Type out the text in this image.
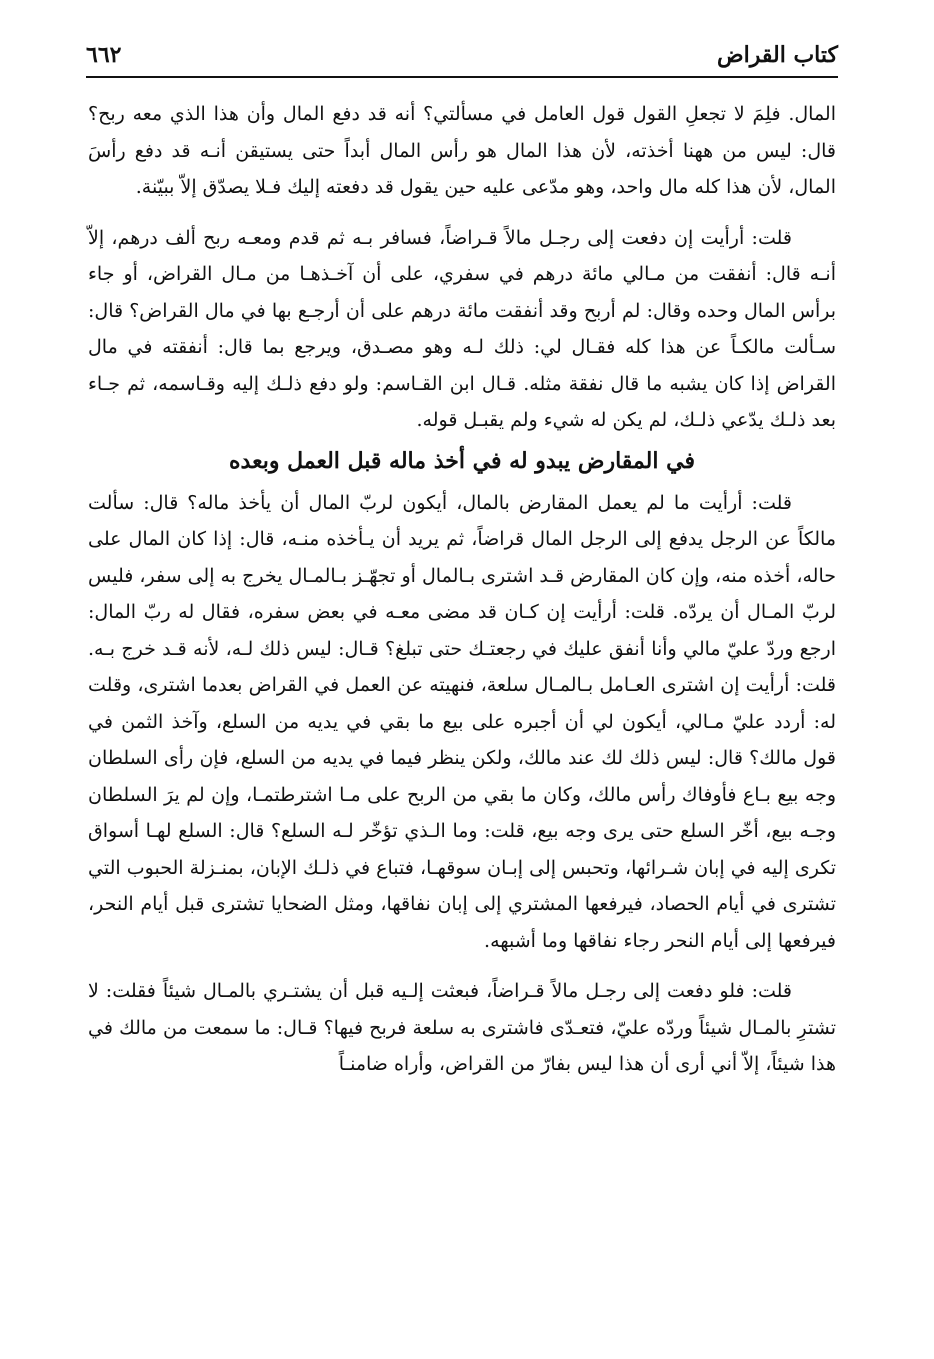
كتاب القراض
٦٦٢

المال. فلِمَ لا تجعلِ القول قول العامل في مسألتي؟ أنه قد دفع المال وأن هذا الذي معه ربح؟ قال: ليس من ههنا أخذته، لأن هذا المال هو رأس المال أبداً حتى يستيقن أنـه قد دفع رأسَ المال، لأن هذا كله مال واحد، وهو مدّعى عليه حين يقول قد دفعته إليك فـلا يصدّق إلاّ ببيّنة.

قلت: أرأيت إن دفعت إلى رجـل مالاً قـراضاً، فسافر بـه ثم قدم ومعـه ربح ألف درهم، إلاّ أنـه قال: أنفقت من مـالي مائة درهم في سفري، على أن آخـذهـا من مـال القراض، أو جاء برأس المال وحده وقال: لم أربح وقد أنفقت مائة درهم على أن أرجـع بها في مال القراض؟ قال: سـألت مالكـاً عن هذا كله فقـال لي: ذلك لـه وهو مصـدق، ويرجع بما قال: أنفقته في مال القراض إذا كان يشبه ما قال نفقة مثله. قـال ابن القـاسم: ولو دفع ذلـك إليه وقـاسمه، ثم جـاء بعد ذلـك يدّعي ذلـك، لم يكن له شيء ولم يقبـل قوله.

في المقارض يبدو له في أخذ ماله قبل العمل وبعده

قلت: أرأيت ما لم يعمل المقارض بالمال، أيكون لربّ المال أن يأخذ ماله؟ قال: سألت مالكاً عن الرجل يدفع إلى الرجل المال قراضاً، ثم يريد أن يـأخذه منـه، قال: إذا كان المال على حاله، أخذه منه، وإن كان المقارض قـد اشترى بـالمال أو تجهّـز بـالمـال يخرج به إلى سفر، فليس لربّ المـال أن يردّه. قلت: أرأيت إن كـان قد مضى معـه في بعض سفره، فقال له ربّ المال: ارجع وردّ عليّ مالي وأنا أنفق عليك في رجعتـك حتى تبلغ؟ قـال: ليس ذلك لـه، لأنه قـد خرج بـه. قلت: أرأيت إن اشترى العـامل بـالمـال سلعة، فنهيته عن العمل في القراض بعدما اشترى، وقلت له: أردد عليّ مـالي، أيكون لي أن أجبره على بيع ما بقي في يديه من السلع، وآخذ الثمن في قول مالك؟ قال: ليس ذلك لك عند مالك، ولكن ينظر فيما في يديه من السلع، فإن رأى السلطان وجه بيع بـاع فأوفاك رأس مالك، وكان ما بقي من الربح على مـا اشترطتمـا، وإن لم يرَ السلطان وجـه بيع، أخّر السلع حتى يرى وجه بيع، قلت: وما الـذي تؤخّر لـه السلع؟ قال: السلع لهـا أسواق تكرى إليه في إبان شـرائها، وتحبس إلى إبـان سوقهـا، فتباع في ذلـك الإبان، بمنـزلة الحبوب التي تشترى في أيام الحصاد، فيرفعها المشتري إلى إبان نفاقها، ومثل الضحايا تشترى قبل أيام النحر، فيرفعها إلى أيام النحر رجاء نفاقها وما أشبهه.

قلت: فلو دفعت إلى رجـل مالاً قـراضاً، فبعثت إلـيه قبل أن يشتـري بالمـال شيئاً فقلت: لا تشترِ بالمـال شيئاً وردّه عليّ، فتعـدّى فاشترى به سلعة فربح فيها؟ قـال: ما سمعت من مالك في هذا شيئاً، إلاّ أني أرى أن هذا ليس بفارّ من القراض، وأراه ضامنـاً
